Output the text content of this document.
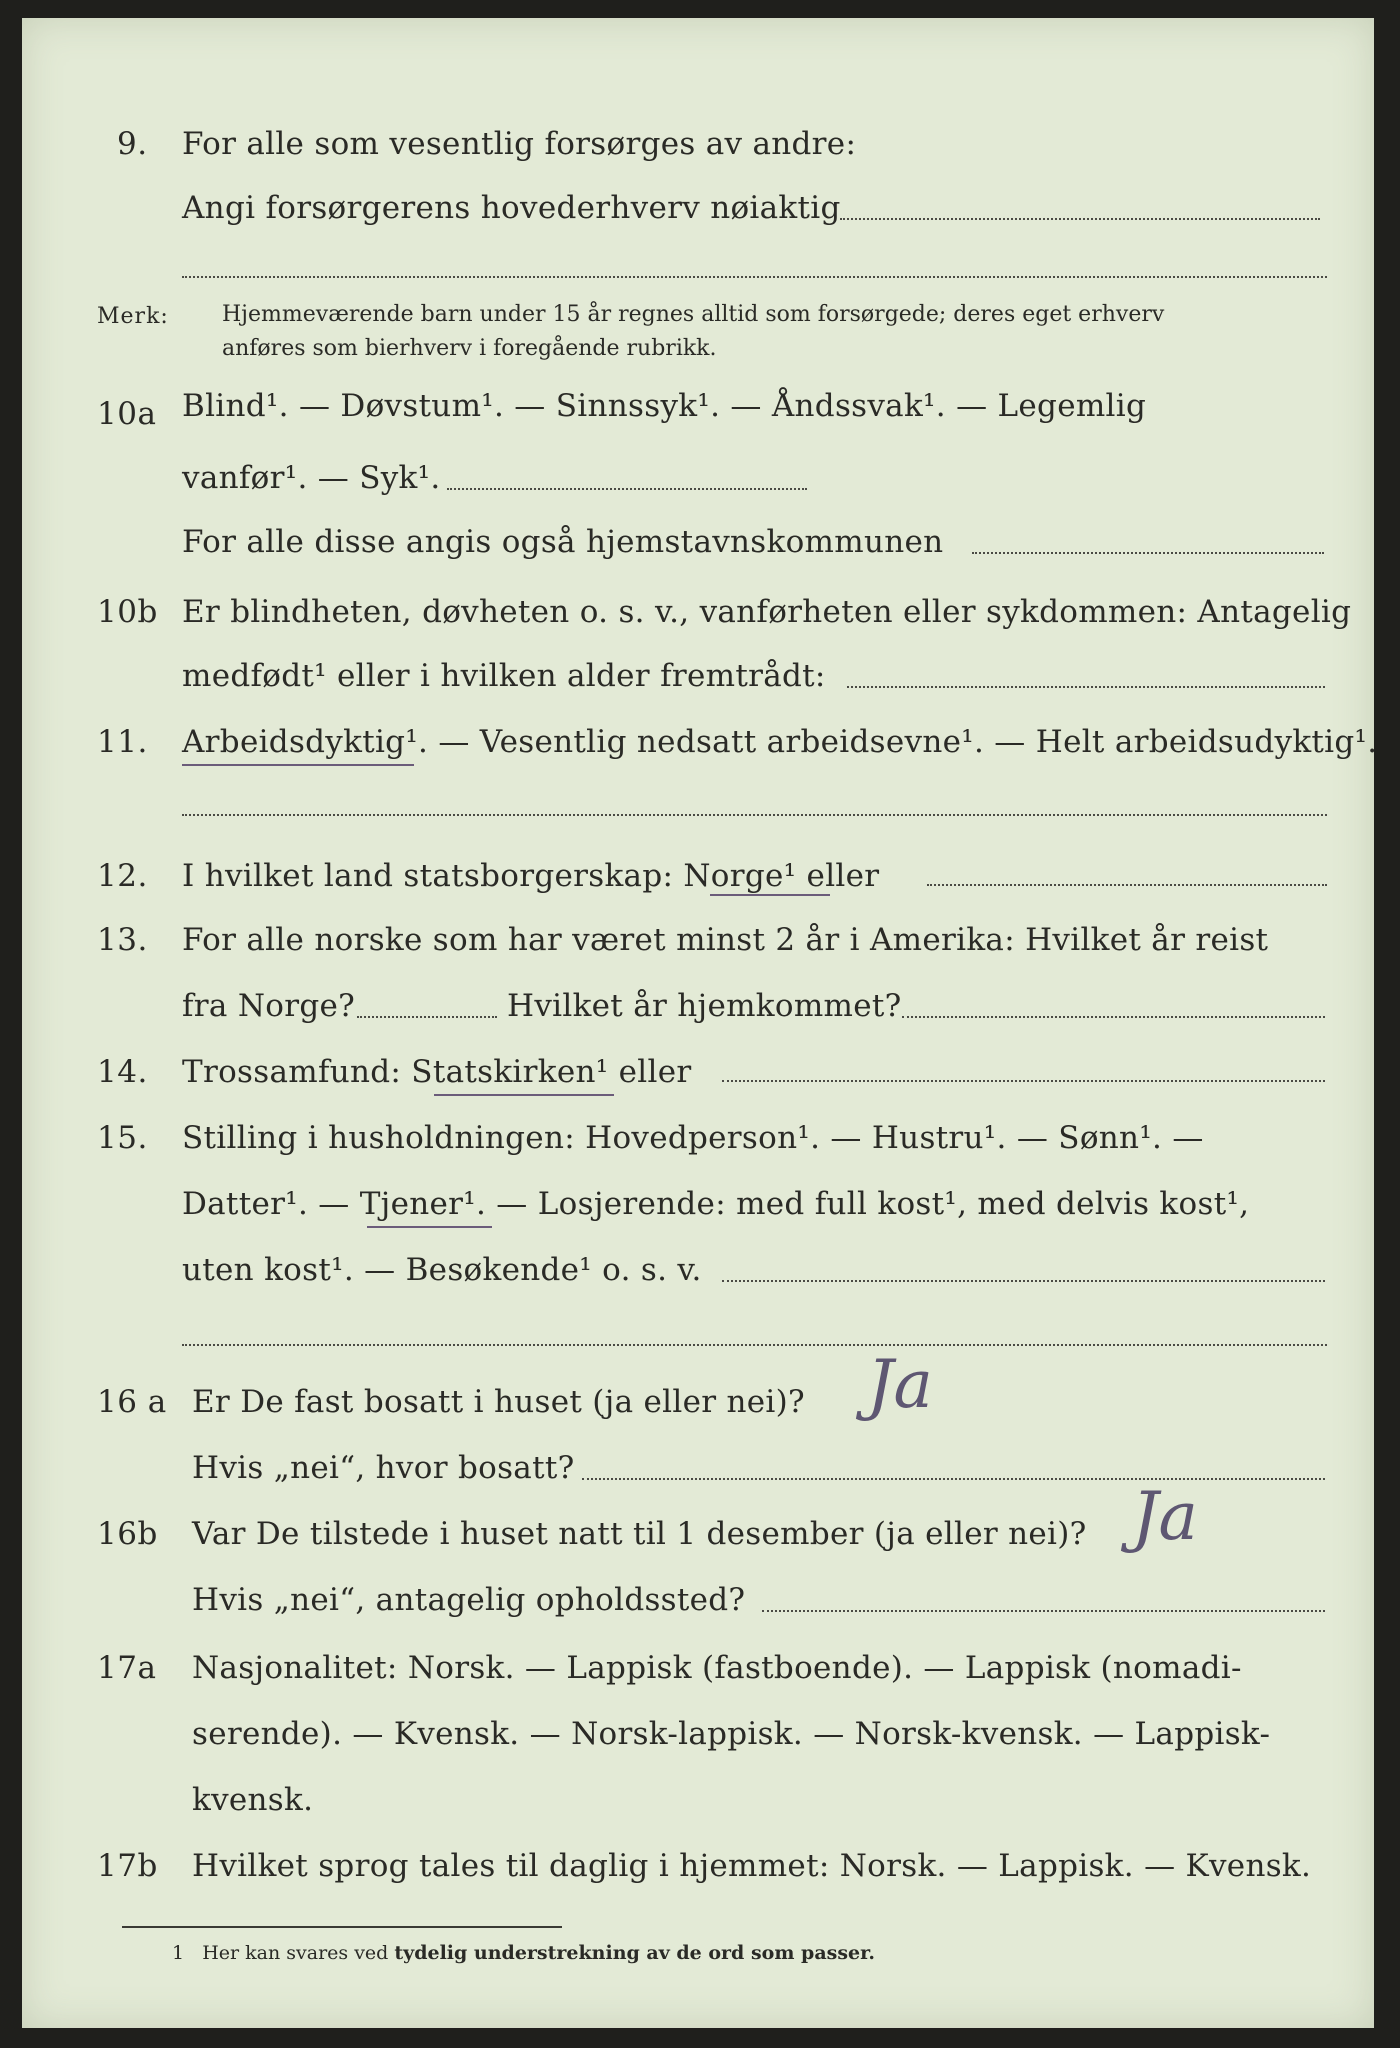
9. For alle som vesentlig forsørges av andre:
Angi forsørgerens hovederhverv nøiaktig
Merk: Hjemmeværende barn under 15 år regnes alltid som forsørgede; deres eget erhverv
anføres som bierhverv i foregående rubrikk.
10a Blind¹. — Døvstum¹. — Sinnssyk¹. — Åndssvak¹. — Legemlig
vanfør¹. — Syk¹.
For alle disse angis også hjemstavnskommunen
10b Er blindheten, døvheten o. s. v., vanførheten eller sykdommen: Antagelig
medfødt¹ eller i hvilken alder fremtrådt:
11. Arbeidsdyktig¹. — Vesentlig nedsatt arbeidsevne¹. — Helt arbeidsudyktig¹.
12. I hvilket land statsborgerskap: Norge¹ eller
13. For alle norske som har været minst 2 år i Amerika: Hvilket år reist
fra Norge?	Hvilket år hjemkommet?
14. Trossamfund: Statskirken¹ eller
15. Stilling i husholdningen: Hovedperson¹. — Hustru¹. — Sønn¹. —
Datter¹. — Tjener¹. — Losjerende: med full kost¹, med delvis kost¹,
uten kost¹. — Besøkende¹ o. s. v.
16 a Er De fast bosatt i huset (ja eller nei)? Ja
Hvis „nei“, hvor bosatt?
16b Var De tilstede i huset natt til 1 desember (ja eller nei)? Ja
Hvis „nei“, antagelig opholdssted?
17a Nasjonalitet: Norsk. — Lappisk (fastboende). — Lappisk (nomadi-
serende). — Kvensk. — Norsk-lappisk. — Norsk-kvensk. — Lappisk-
kvensk.
17b Hvilket sprog tales til daglig i hjemmet: Norsk. — Lappisk. — Kvensk.
1 Her kan svares ved tydelig understrekning av de ord som passer.
